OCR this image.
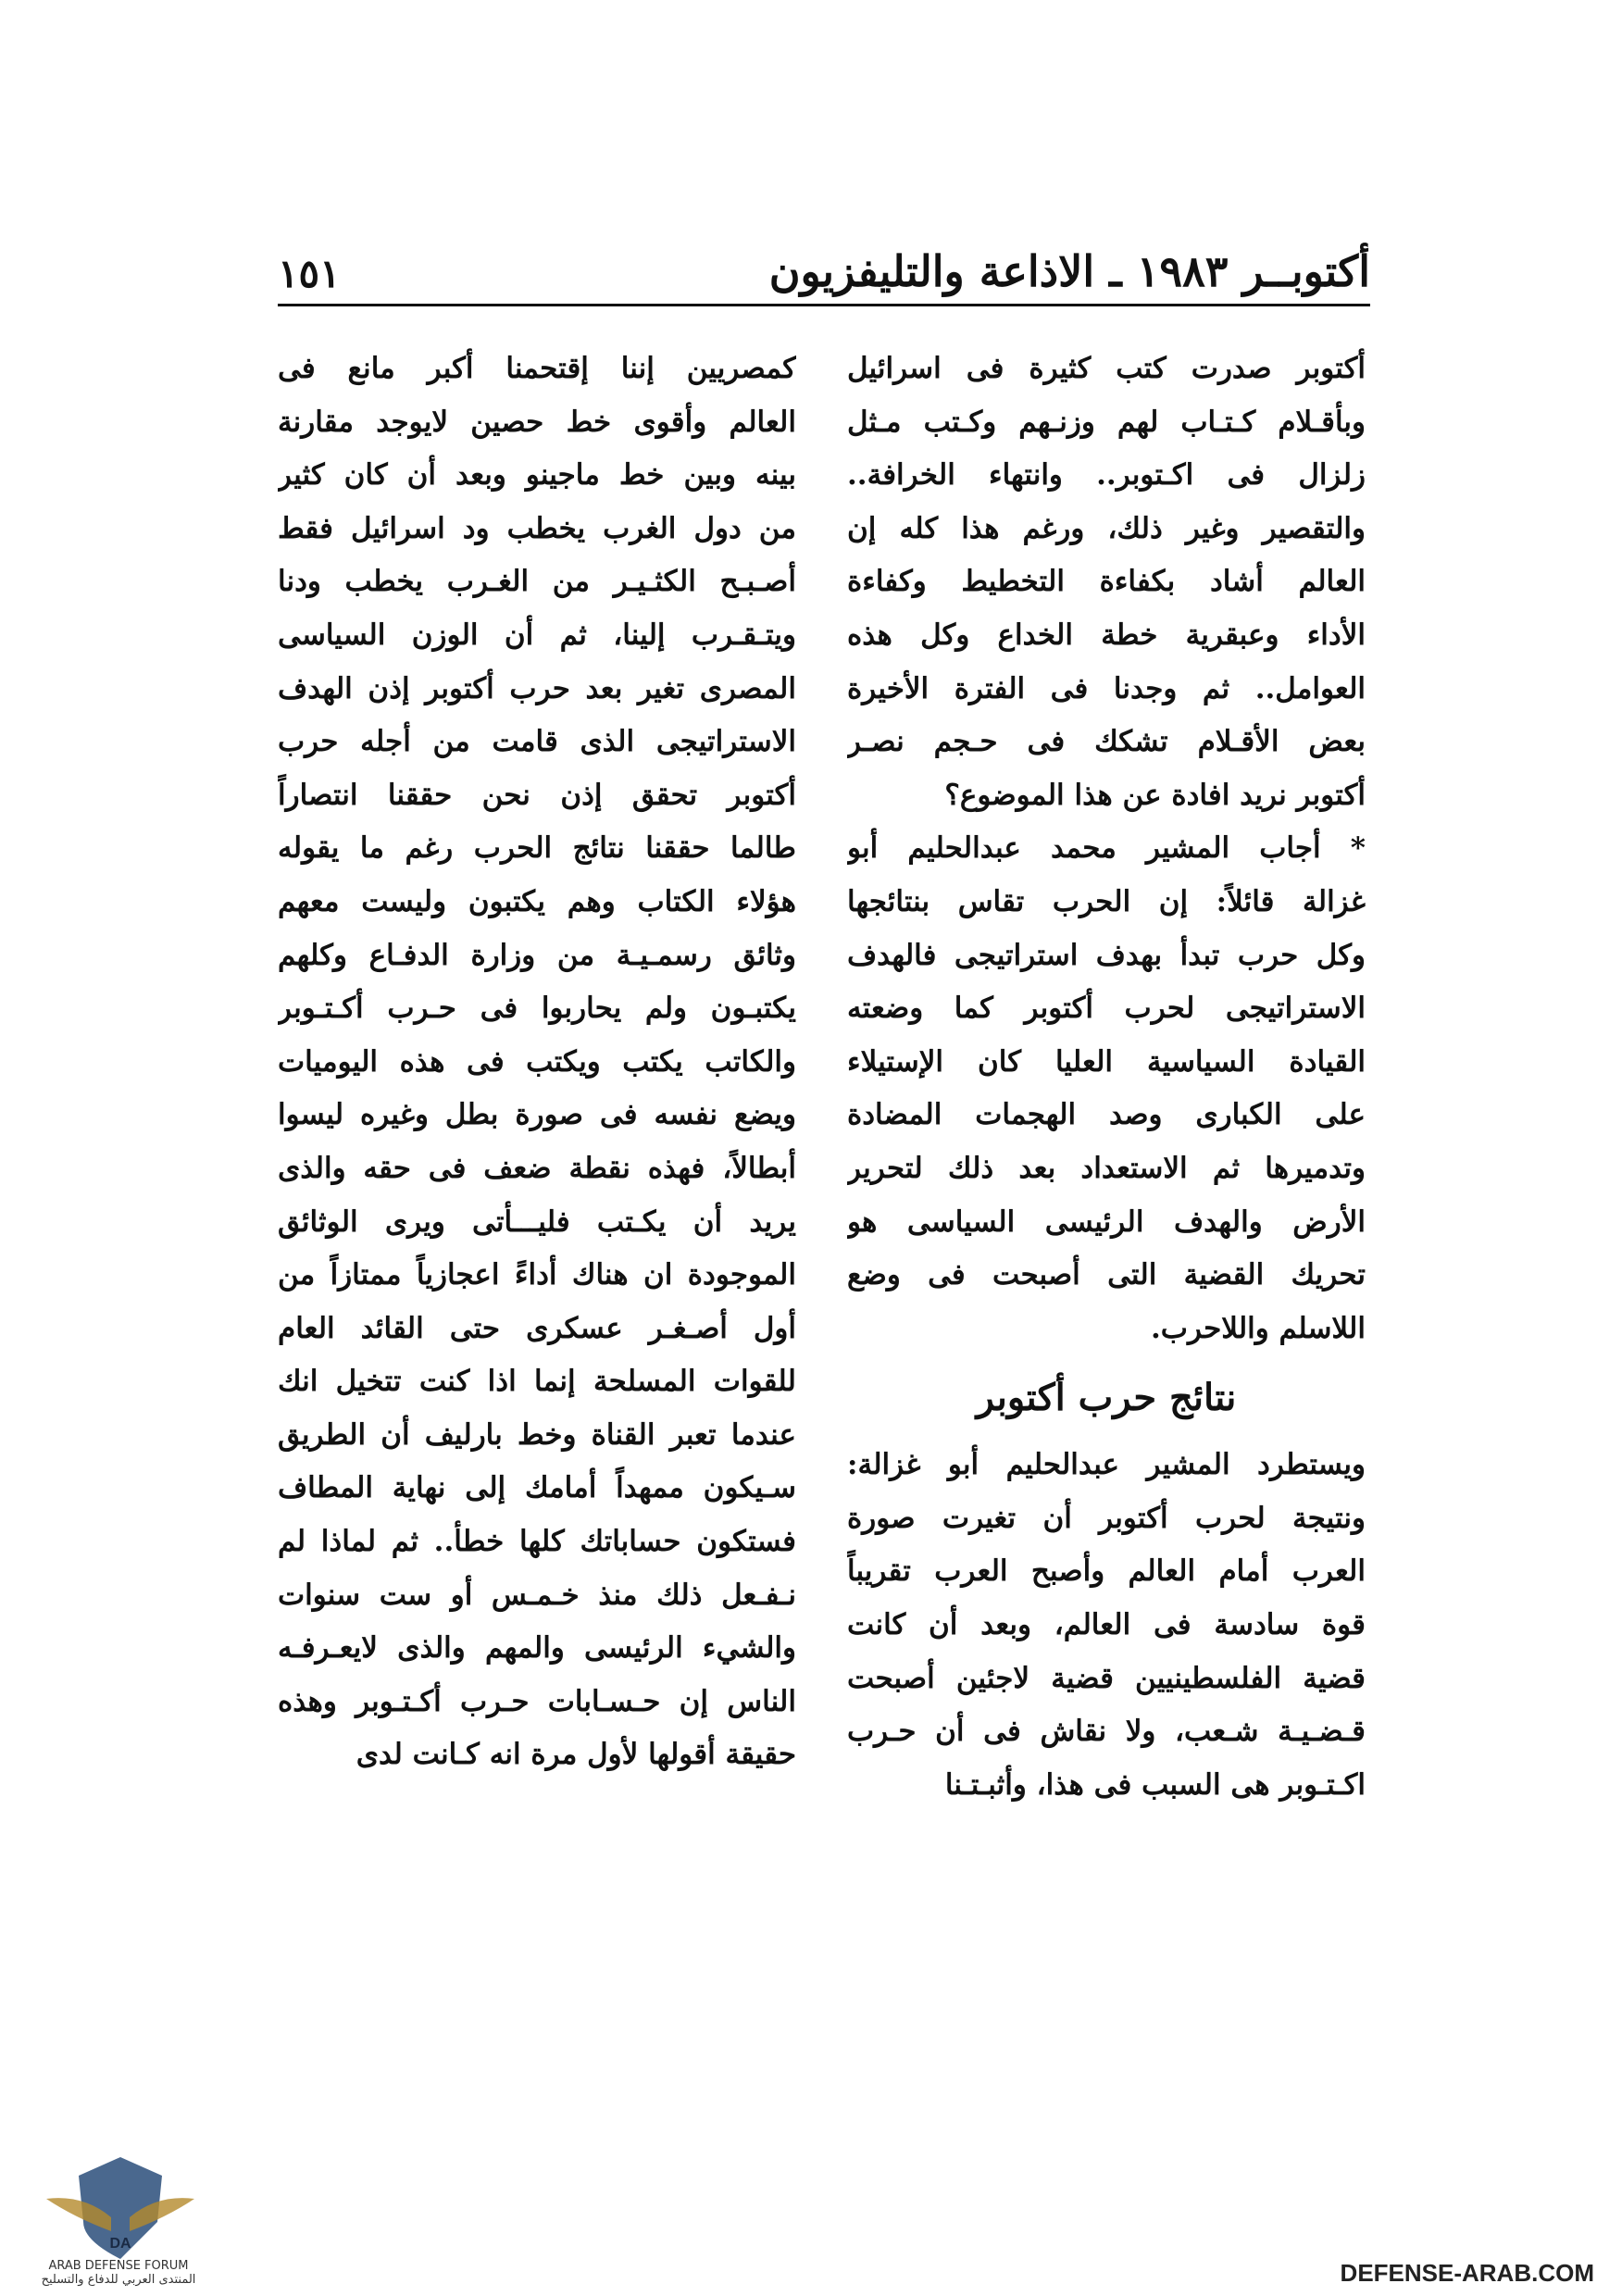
أكتوبــر ١٩٨٣ ـ الاذاعة والتليفزيون
١٥١
أكتوبر صدرت كتب كثيرة فى اسرائيل
وبأقـلام كـتـاب لهم وزنـهم وكـتب مـثل
زلزال فى اكـتوبر.. وانتهاء الخرافة..
والتقصير وغير ذلك، ورغم هذا كله إن
العالم أشاد بكفاءة التخطيط وكفاءة
الأداء وعبقرية خطة الخداع وكل هذه
العوامل.. ثم وجدنا فى الفترة الأخيرة
بعض الأقـلام تشكك فى حـجم نصـر
أكتوبر نريد افادة عن هذا الموضوع؟
* أجاب المشير محمد عبدالحليم أبو
غزالة قائلاً: إن الحرب تقاس بنتائجها
وكل حرب تبدأ بهدف استراتيجى فالهدف
الاستراتيجى لحرب أكتوبر كما وضعته
القيادة السياسية العليا كان الإستيلاء
على الكبارى وصد الهجمات المضادة
وتدميرها ثم الاستعداد بعد ذلك لتحرير
الأرض والهدف الرئيسى السياسى هو
تحريك القضية التى أصبحت فى وضع
اللاسلم واللاحرب.
نتائج حرب أكتوبر
ويستطرد المشير عبدالحليم أبو غزالة:
ونتيجة لحرب أكتوبر أن تغيرت صورة
العرب أمام العالم وأصبح العرب تقريباً
قوة سادسة فى العالم، وبعد أن كانت
قضية الفلسطينيين قضية لاجئين أصبحت
قـضـيـة شـعب، ولا نقاش فى أن حـرب
اكـتـوبر هى السبب فى هذا، وأثبـتـنا
كمصريين إننا إقتحمنا أكبر مانع فى
العالم وأقوى خط حصين لايوجد مقارنة
بينه وبين خط ماجينو وبعد أن كان كثير
من دول الغرب يخطب ود اسرائيل فقط
أصـبـح الكثـيـر من الغـرب يخطب ودنا
ويتـقـرب إلينا، ثم أن الوزن السياسى
المصرى تغير بعد حرب أكتوبر إذن الهدف
الاستراتيجى الذى قامت من أجله حرب
أكتوبر تحقق إذن نحن حققنا انتصاراً
طالما حققنا نتائج الحرب رغم ما يقوله
هؤلاء الكتاب وهم يكتبون وليست معهم
وثائق رسمـيـة من وزارة الدفـاع وكلهم
يكتبـون ولم يحاربوا فى حـرب أكـتـوبر
والكاتب يكتب ويكتب فى هذه اليوميات
ويضع نفسه فى صورة بطل وغيره ليسوا
أبطالاً، فهذه نقطة ضعف فى حقه والذى
يريد أن يكـتب فليـــأتى ويرى الوثائق
الموجودة ان هناك أداءً اعجازياً ممتازاً من
أول أصـغـر عسكرى حتى القائد العام
للقوات المسلحة إنما اذا كنت تتخيل انك
عندما تعبر القناة وخط بارليف أن الطريق
سـيكون ممهداً أمامك إلى نهاية المطاف
فستكون حساباتك كلها خطأ.. ثم لماذا لم
نـفـعل ذلك منذ خـمـس أو ست سنوات
والشيء الرئيسى والمهم والذى لايعـرفـه
الناس إن حـسـابات حـرب أكـتـوبر وهذه
حقيقة أقولها لأول مرة انه كـانت لدى
DA
ARAB DEFENSE FORUM
المنتدى العربي للدفاع والتسليح	DEFENSE-ARAB.COM
